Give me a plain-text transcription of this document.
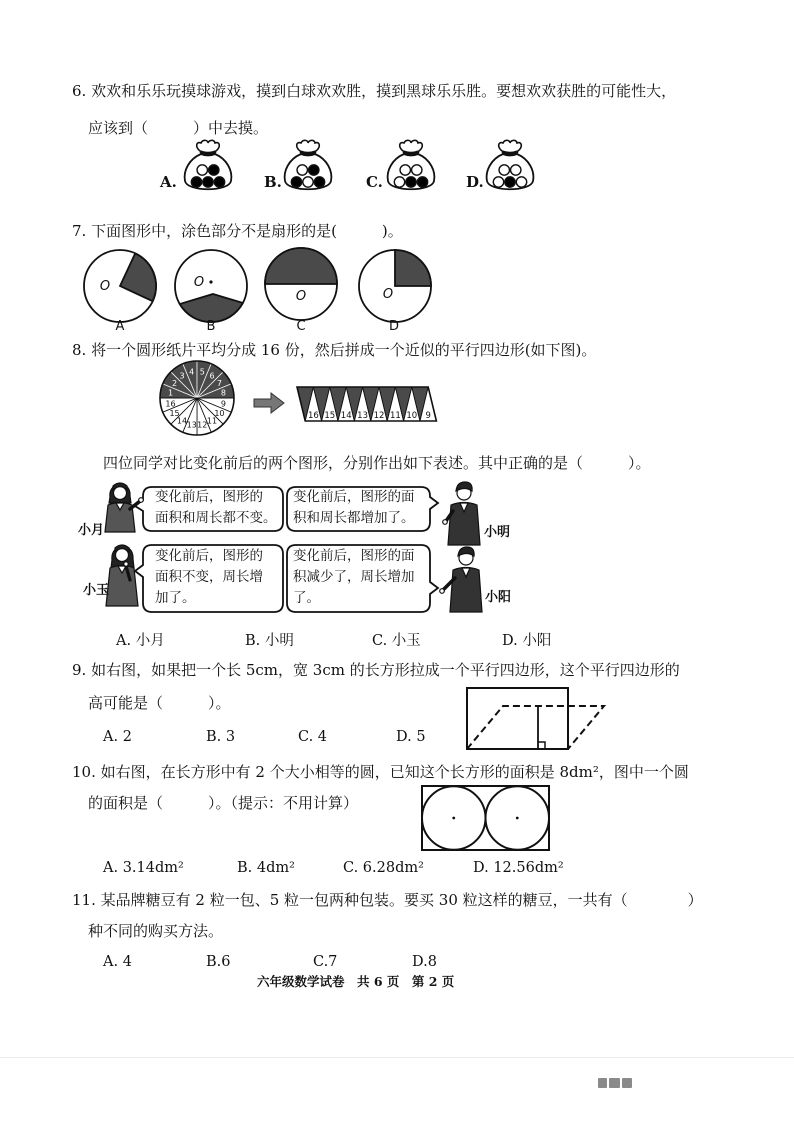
O	O
O	O
A	B	C	D
1
2
3 4 5 6
7
8
16
15
14 13 12 11
10
9
16 15 14 13 12 11 10 9
6. 欢欢和乐乐玩摸球游戏，摸到白球欢欢胜，摸到黑球乐乐胜。要想欢欢获胜的可能性大，
应该到（　　　）中去摸。
A.	B.	C.	D.
7. 下面图形中，涂色部分不是扇形的是(　　　)。
8. 将一个圆形纸片平均分成 16 份，然后拼成一个近似的平行四边形(如下图)。
四位同学对比变化前后的两个图形，分别作出如下表述。其中正确的是（　　　）。
变化前后，图形的
面积和周长都不变。
变化前后，图形的面
积和周长都增加了。
变化前后，图形的
面积不变，周长增
加了。
变化前后，图形的面
积减少了，周长增加
了。
小月	小明
小玉	小阳
A. 小月	B. 小明	C. 小玉	D. 小阳
9. 如右图，如果把一个长 5cm，宽 3cm 的长方形拉成一个平行四边形，这个平行四边形的
高可能是（　　　）。
A. 2	B. 3	C. 4	D. 5
10. 如右图，在长方形中有 2 个大小相等的圆，已知这个长方形的面积是 8dm²，图中一个圆
的面积是（　　　）。（提示：不用计算）
A. 3.14dm²	B. 4dm²	C. 6.28dm²	D. 12.56dm²
11. 某品牌糖豆有 2 粒一包、5 粒一包两种包装。要买 30 粒这样的糖豆，一共有（　　　　）
种不同的购买方法。
A. 4	B.6	C.7	D.8
六年级数学试卷　共 6 页　第 2 页
